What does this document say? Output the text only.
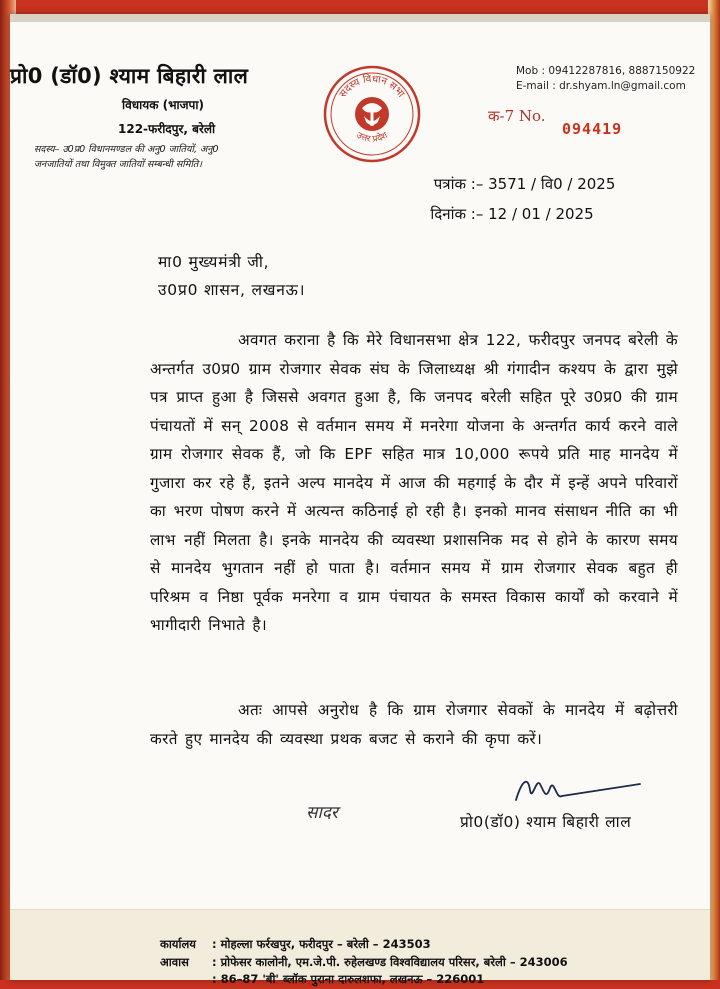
प्रो0 (डॉ0) श्याम बिहारी लाल
विधायक (भाजपा)
122-फरीदपुर, बरेली
सदस्य– उ0प्र0 विधानमण्डल की अनु0 जातियों, अनु0 जनजातियों तथा विमुक्त जातियों सम्बन्धी समिति।
सदस्य विधान सभा
उत्तर प्रदेश
Mob : 09412287816, 8887150922
E-mail : dr.shyam.ln@gmail.com
क-7 No.
094419
पत्रांक :– 3571 / वि0 / 2025
दिनांक :– 12 / 01 / 2025
मा0 मुख्यमंत्री जी,
उ0प्र0 शासन, लखनऊ।
अवगत कराना है कि मेरे विधानसभा क्षेत्र 122, फरीदपुर जनपद बरेली के अन्तर्गत उ0प्र0 ग्राम रोजगार सेवक संघ के जिलाध्यक्ष श्री गंगादीन कश्यप के द्वारा मुझे पत्र प्राप्त हुआ है जिससे अवगत हुआ है, कि जनपद बरेली सहित पूरे उ0प्र0 की ग्राम पंचायतों में सन् 2008 से वर्तमान समय में मनरेगा योजना के अन्तर्गत कार्य करने वाले ग्राम रोजगार सेवक हैं, जो कि EPF सहित मात्र 10,000 रूपये प्रति माह मानदेय में गुजारा कर रहे हैं, इतने अल्प मानदेय में आज की महगाई के दौर में इन्हें अपने परिवारों का भरण पोषण करने में अत्यन्त कठिनाई हो रही है। इनको मानव संसाधन नीति का भी लाभ नहीं मिलता है। इनके मानदेय की व्यवस्था प्रशासनिक मद से होने के कारण समय से मानदेय भुगतान नहीं हो पाता है। वर्तमान समय में ग्राम रोजगार सेवक बहुत ही परिश्रम व निष्ठा पूर्वक मनरेगा व ग्राम पंचायत के समस्त विकास कार्यों को करवाने में भागीदारी निभाते है।
अतः आपसे अनुरोध है कि ग्राम रोजगार सेवकों के मानदेय में बढ़ोत्तरी करते हुए मानदेय की व्यवस्था प्रथक बजट से कराने की कृपा करें।
सादर	प्रो0(डॉ0) श्याम बिहारी लाल
कार्यालय : मोहल्ला फर्रखपुर, फरीदपुर – बरेली – 243503
आवास : प्रोफेसर कालोनी, एम.जे.पी. रुहेलखण्ड विश्वविद्यालय परिसर, बरेली – 243006
: 86–87 'बी' ब्लॉक पुराना दारुलशफा, लखनऊ – 226001
